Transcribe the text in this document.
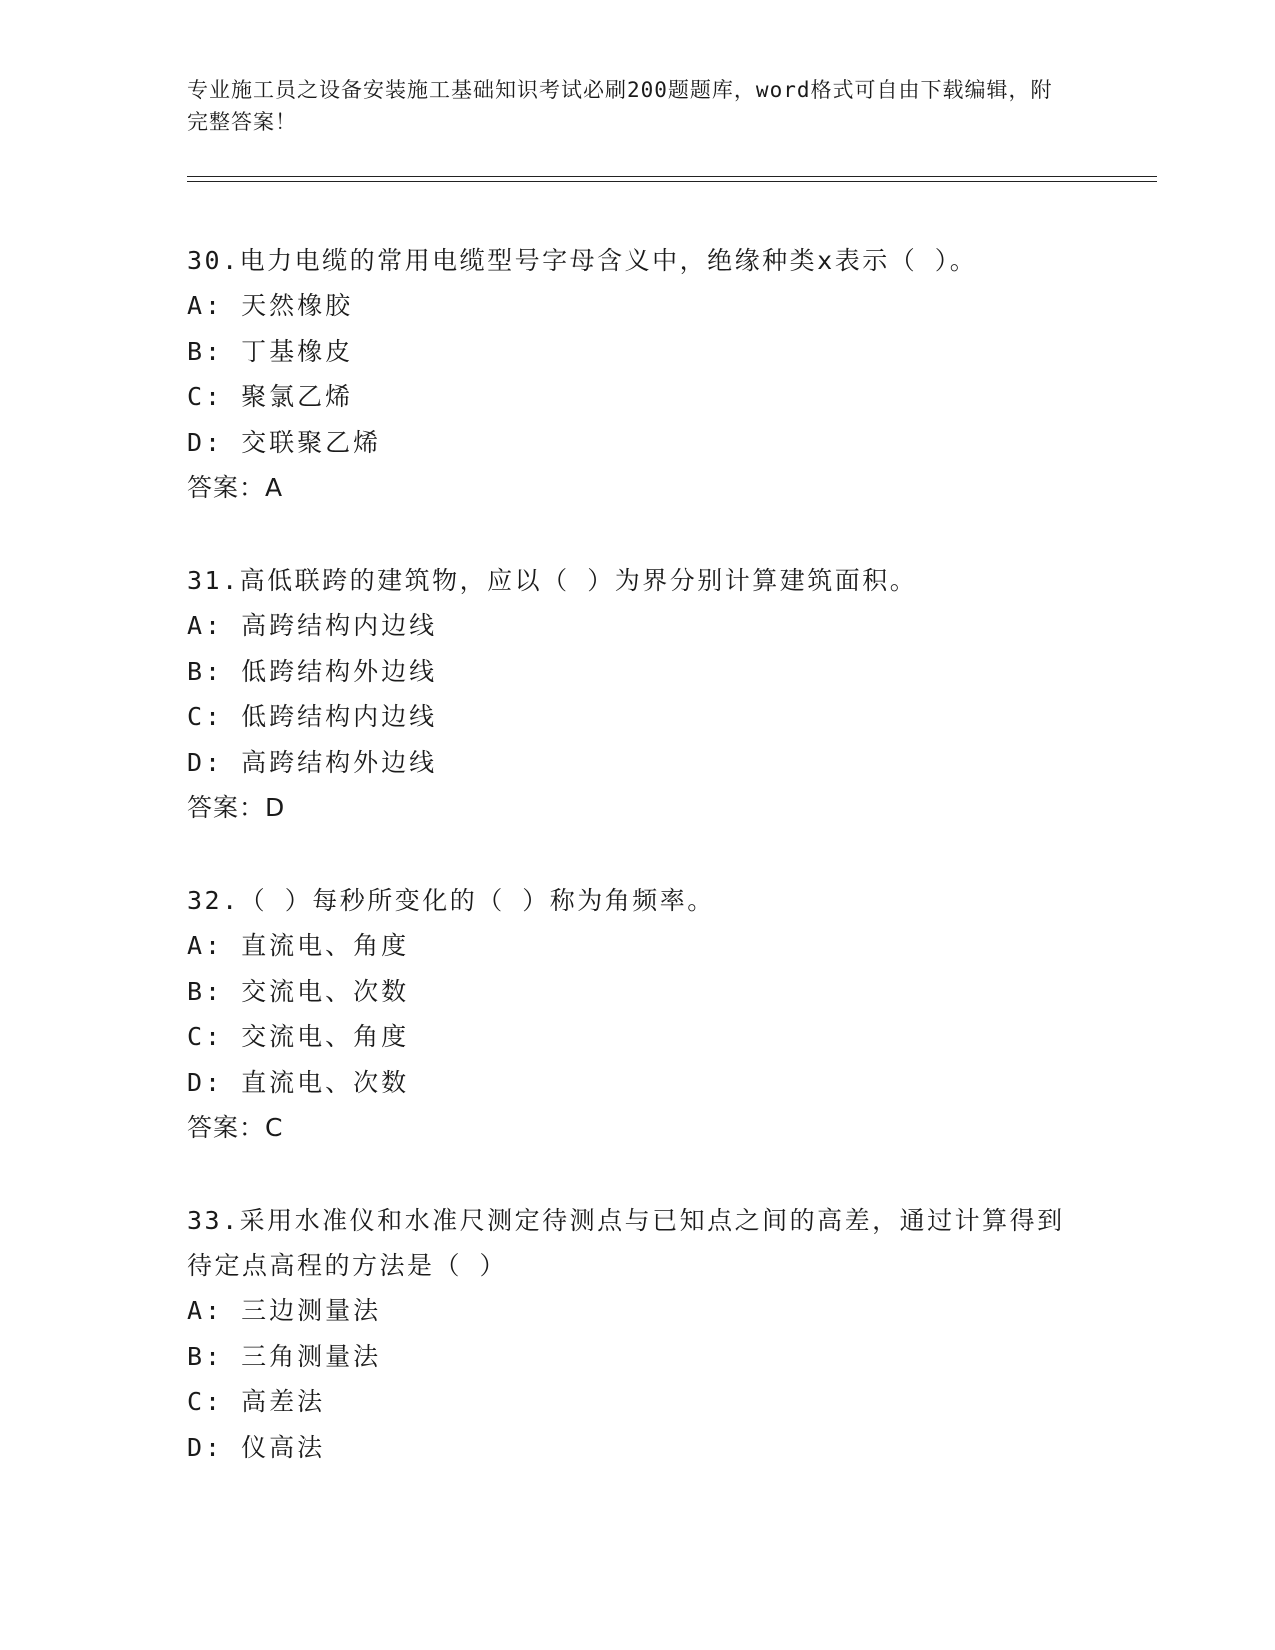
专业施工员之设备安装施工基础知识考试必刷200题题库，word格式可自由下载编辑，附完整答案！

30.电力电缆的常用电缆型号字母含义中，绝缘种类x表示（ ）。

A: 天然橡胶

B: 丁基橡皮

C: 聚氯乙烯

D: 交联聚乙烯

答案：A

31.高低联跨的建筑物，应以（ ）为界分别计算建筑面积。

A: 高跨结构内边线

B: 低跨结构外边线

C: 低跨结构内边线

D: 高跨结构外边线

答案：D

32.（ ）每秒所变化的（ ）称为角频率。

A: 直流电、角度

B: 交流电、次数

C: 交流电、角度

D: 直流电、次数

答案：C

33.采用水准仪和水准尺测定待测点与已知点之间的高差，通过计算得到待定点高程的方法是（ ）

A: 三边测量法

B: 三角测量法

C: 高差法

D: 仪高法
